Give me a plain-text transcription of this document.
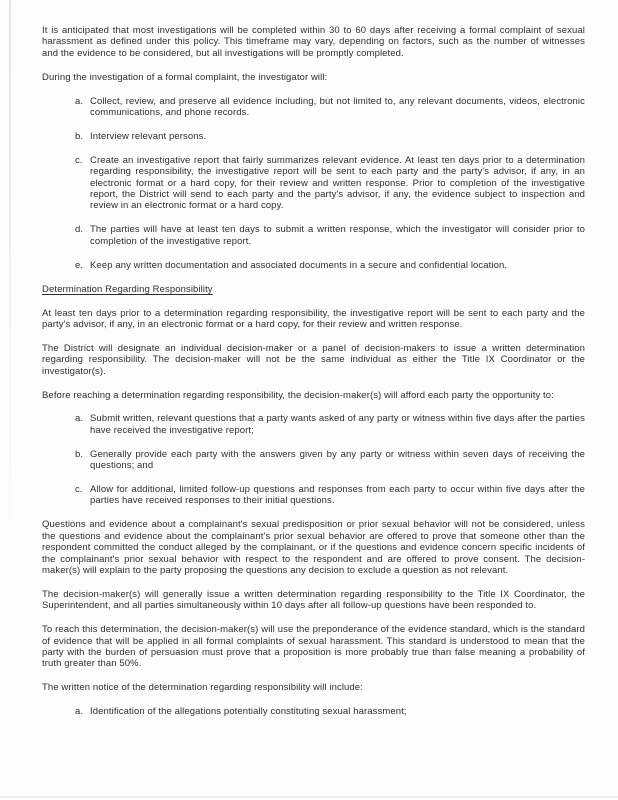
It is anticipated that most investigations will be completed within 30 to 60 days after receiving a formal complaint of sexual harassment as defined under this policy. This timeframe may vary, depending on factors, such as the number of witnesses and the evidence to be considered, but all investigations will be promptly completed.

During the investigation of a formal complaint, the investigator will:

a. Collect, review, and preserve all evidence including, but not limited to, any relevant documents, videos, electronic communications, and phone records.
b. Interview relevant persons.
c. Create an investigative report that fairly summarizes relevant evidence. At least ten days prior to a determination regarding responsibility, the investigative report will be sent to each party and the party's advisor, if any, in an electronic format or a hard copy, for their review and written response. Prior to completion of the investigative report, the District will send to each party and the party's advisor, if any, the evidence subject to inspection and review in an electronic format or a hard copy.
d. The parties will have at least ten days to submit a written response, which the investigator will consider prior to completion of the investigative report.
e. Keep any written documentation and associated documents in a secure and confidential location.
Determination Regarding Responsibility

At least ten days prior to a determination regarding responsibility, the investigative report will be sent to each party and the party's advisor, if any, in an electronic format or a hard copy, for their review and written response.

The District will designate an individual decision-maker or a panel of decision-makers to issue a written determination regarding responsibility. The decision-maker will not be the same individual as either the Title IX Coordinator or the investigator(s).

Before reaching a determination regarding responsibility, the decision-maker(s) will afford each party the opportunity to:

a. Submit written, relevant questions that a party wants asked of any party or witness within five days after the parties have received the investigative report;
b. Generally provide each party with the answers given by any party or witness within seven days of receiving the questions; and
c. Allow for additional, limited follow-up questions and responses from each party to occur within five days after the parties have received responses to their initial questions.

Questions and evidence about a complainant's sexual predisposition or prior sexual behavior will not be considered, unless the questions and evidence about the complainant's prior sexual behavior are offered to prove that someone other than the respondent committed the conduct alleged by the complainant, or if the questions and evidence concern specific incidents of the complainant's prior sexual behavior with respect to the respondent and are offered to prove consent. The decision-maker(s) will explain to the party proposing the questions any decision to exclude a question as not relevant.

The decision-maker(s) will generally issue a written determination regarding responsibility to the Title IX Coordinator, the Superintendent, and all parties simultaneously within 10 days after all follow-up questions have been responded to.

To reach this determination, the decision-maker(s) will use the preponderance of the evidence standard, which is the standard of evidence that will be applied in all formal complaints of sexual harassment. This standard is understood to mean that the party with the burden of persuasion must prove that a proposition is more probably true than false meaning a probability of truth greater than 50%.

The written notice of the determination regarding responsibility will include:

a. Identification of the allegations potentially constituting sexual harassment;
